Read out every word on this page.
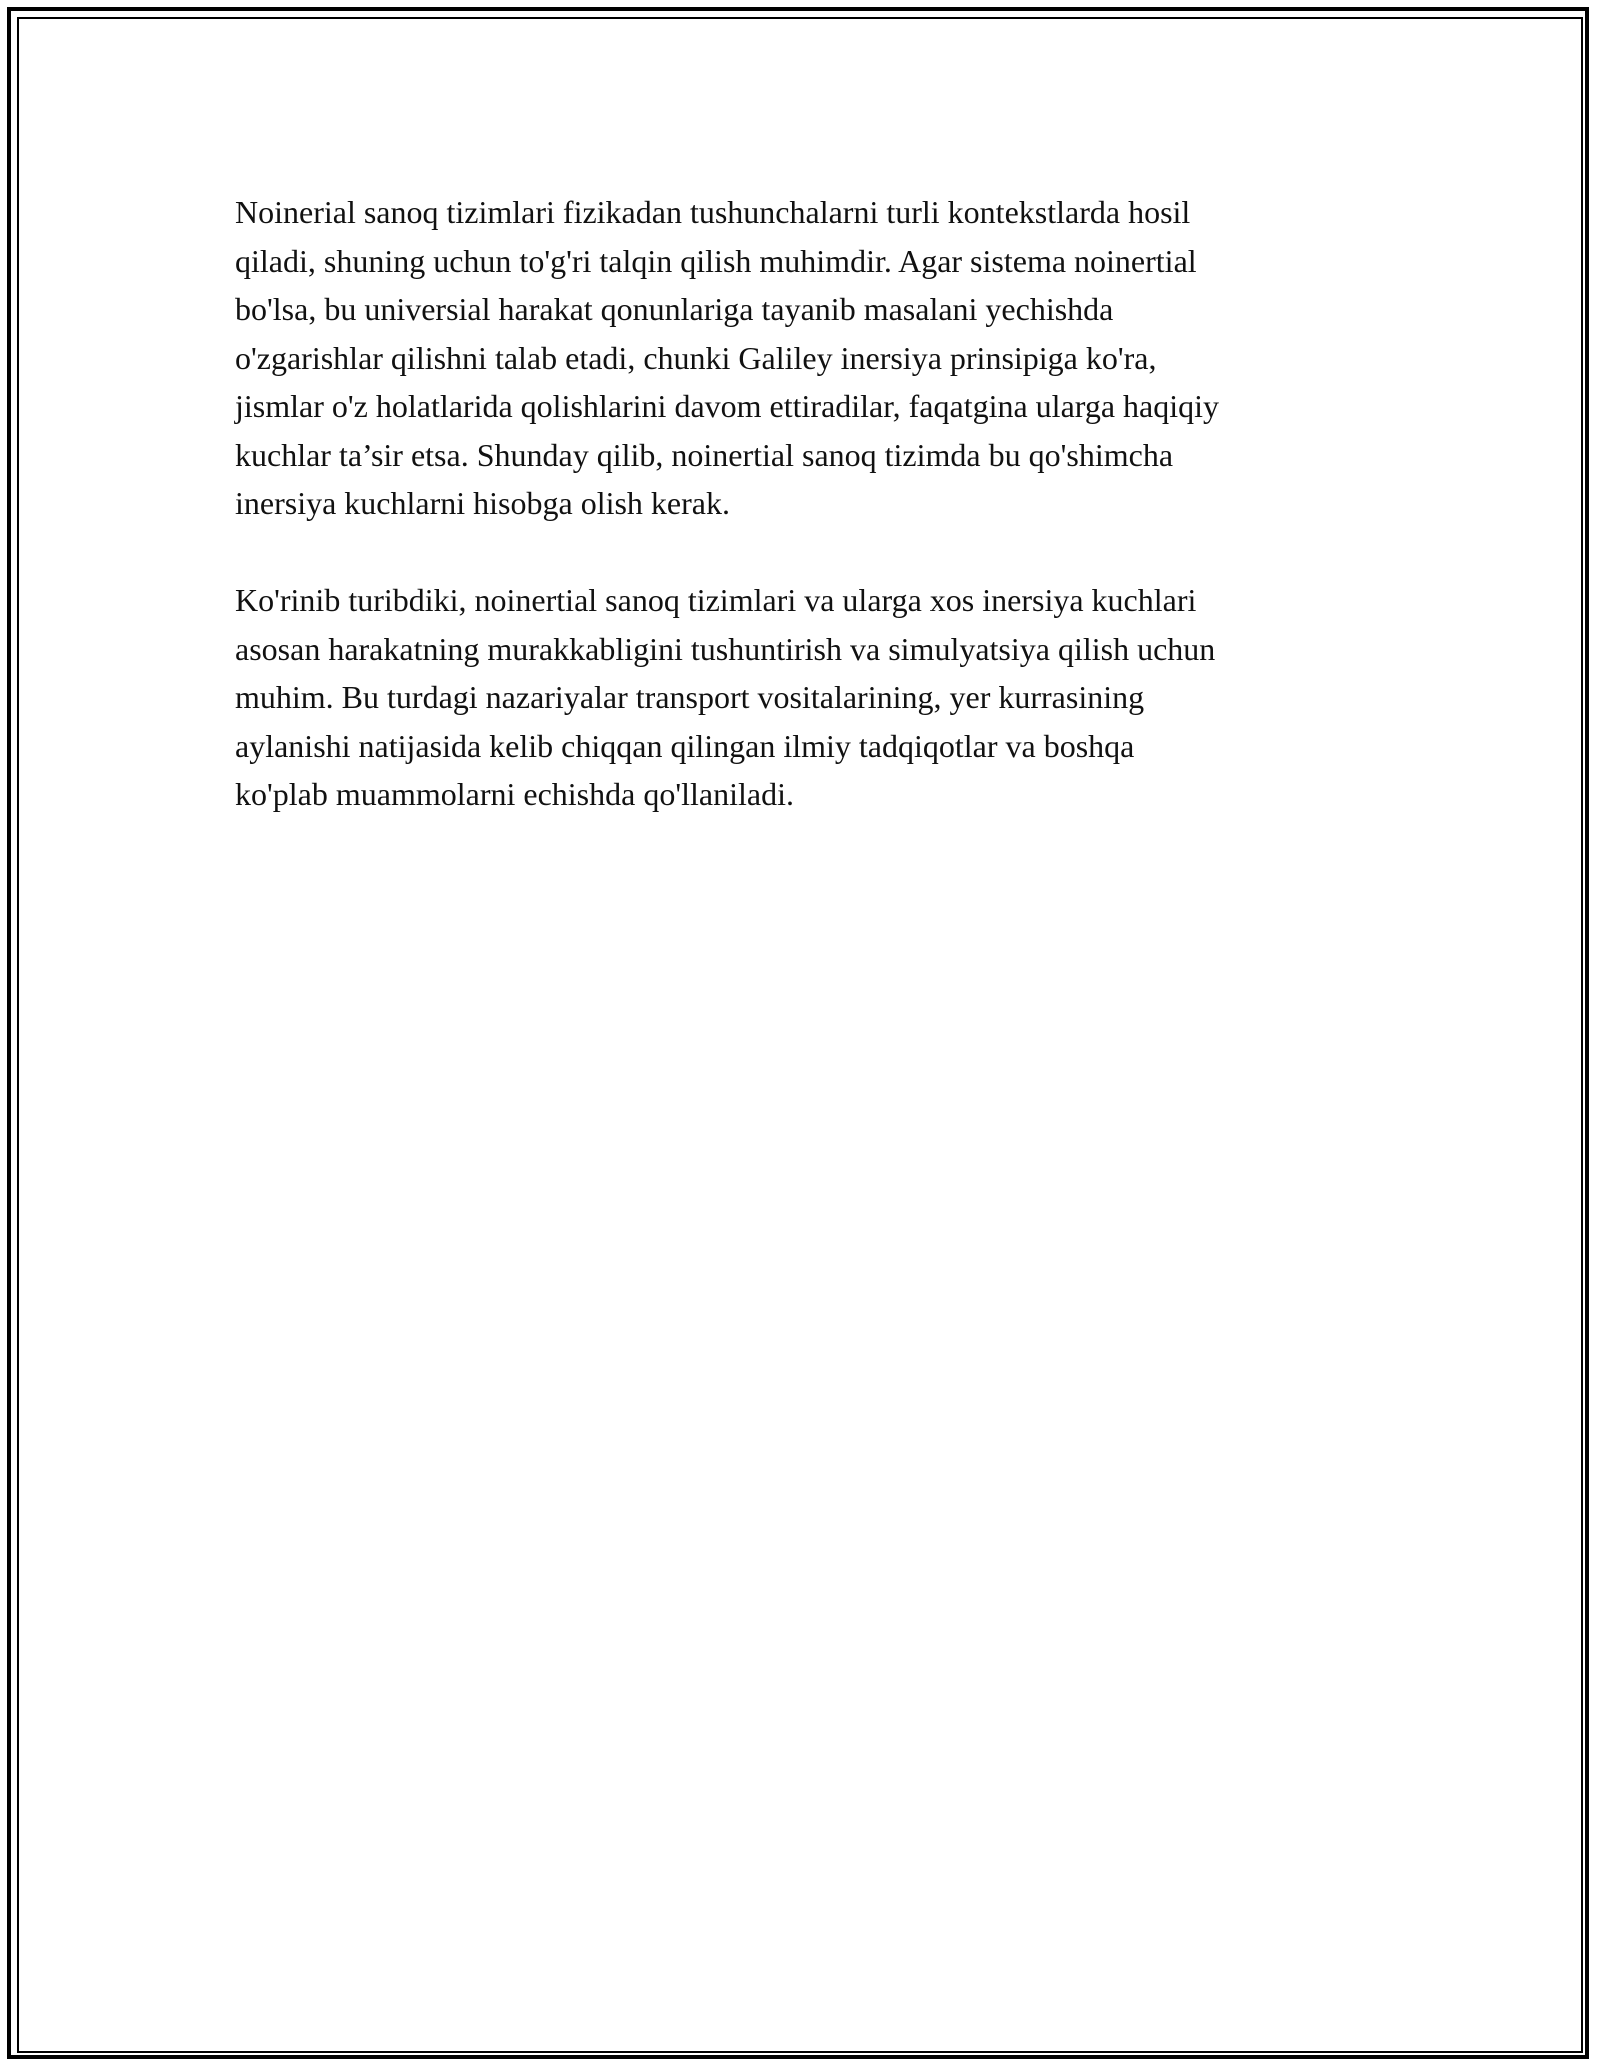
Noinerial sanoq tizimlari fizikadan tushunchalarni turli kontekstlarda hosil
qiladi, shuning uchun to'g'ri talqin qilish muhimdir. Agar sistema noinertial
bo'lsa, bu universial harakat qonunlariga tayanib masalani yechishda
o'zgarishlar qilishni talab etadi, chunki Galiley inersiya prinsipiga ko'ra,
jismlar o'z holatlarida qolishlarini davom ettiradilar, faqatgina ularga haqiqiy
kuchlar ta’sir etsa. Shunday qilib, noinertial sanoq tizimda bu qo'shimcha
inersiya kuchlarni hisobga olish kerak.

Ko'rinib turibdiki, noinertial sanoq tizimlari va ularga xos inersiya kuchlari
asosan harakatning murakkabligini tushuntirish va simulyatsiya qilish uchun
muhim. Bu turdagi nazariyalar transport vositalarining, yer kurrasining
aylanishi natijasida kelib chiqqan qilingan ilmiy tadqiqotlar va boshqa
ko'plab muammolarni echishda qo'llaniladi.
